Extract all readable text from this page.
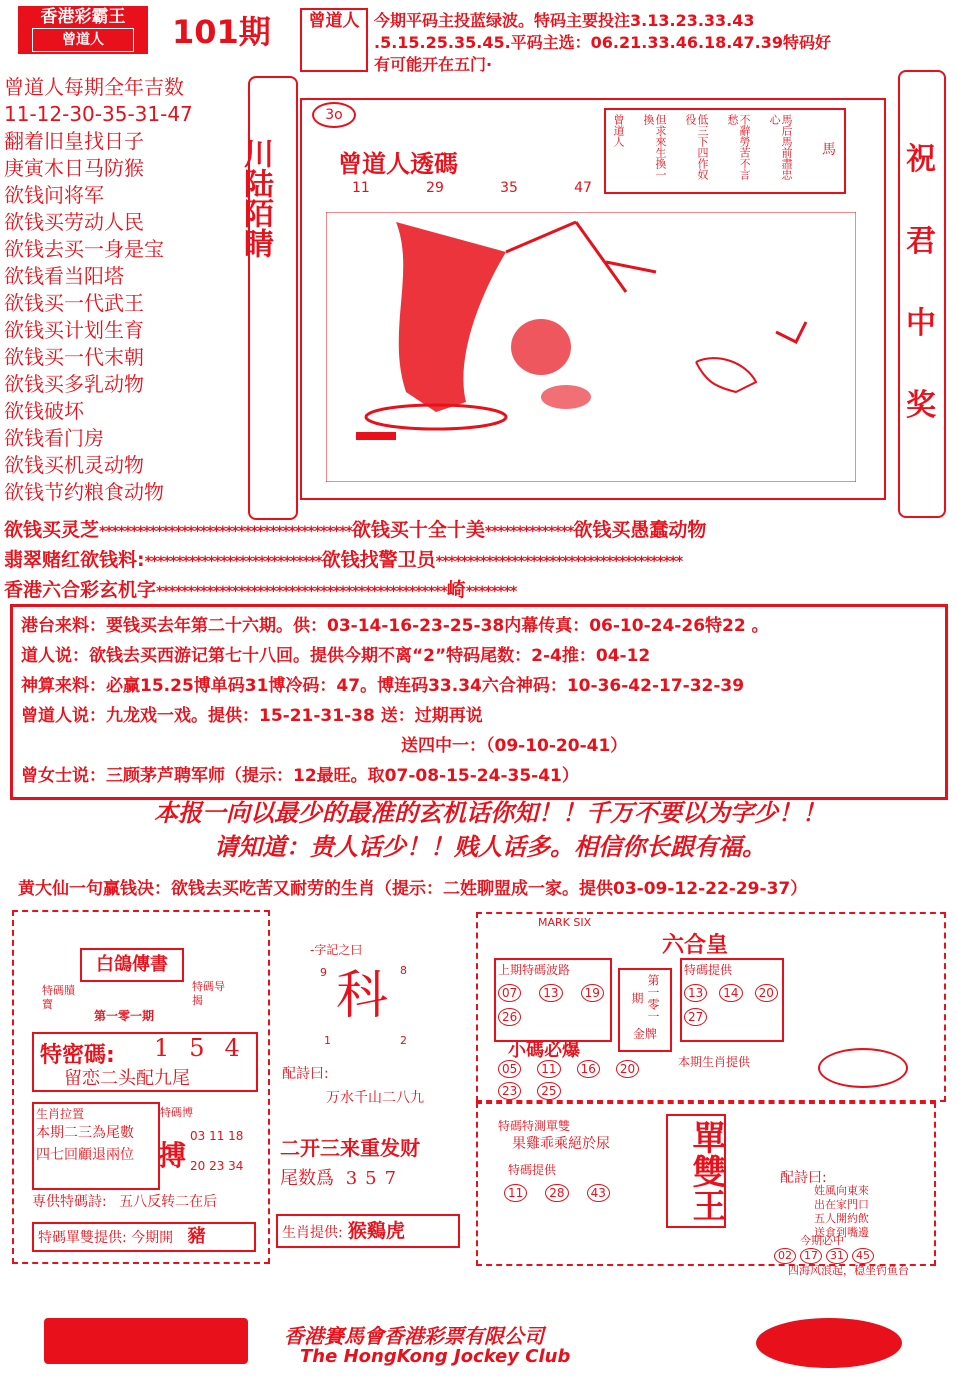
香港彩霸王
曾道人	101期	曾道人 今期平码主投蓝绿波。特码主要投注3.13.23.33.43
.5.15.25.35.45.平码主选：06.21.33.46.18.47.39特码好
有可能开在五门·
曾道人每期全年吉数
11-12-30-35-31-47
翻着旧皇找日子
庚寅木日马防猴
欲钱问将军
欲钱买劳动人民
欲钱去买一身是宝
欲钱看当阳塔
欲钱买一代武王
欲钱买计划生育
欲钱买一代末朝
欲钱买多乳动物
欲钱破坏
欲钱看门房
欲钱买机灵动物
欲钱节约粮食动物
川陆陌睛	祝
君
中
奖
3o
曾道人透碼
11	29	35	47
馬后馬前盡忠心
不辭勞苦不言愁
低三下四作奴役
但求來生換一換
曾道人
馬
欲钱买灵芝****************************************欲钱买十全十美**************欲钱买愚蠢动物
翡翠赌红欲钱料:****************************欲钱找警卫员***************************************
香港六合彩玄机字**********************************************崎********
港台来料：要钱买去年第二十六期。供：03-14-16-23-25-38内幕传真：06-10-24-26特22 。
道人说：欲钱去买西游记第七十八回。提供今期不离“2”特码尾数：2-4推：04-12
神算来料：必赢15.25博单码31博冷码：47。博连码33.34六合神码：10-36-42-17-32-39
曾道人说：九龙戏一戏。提供：15-21-31-38 送：过期再说
送四中一：（09-10-20-41）
曾女士说：三顾茅芦聘军师（提示：12最旺。取07-08-15-24-35-41）
本报一向以最少的最准的玄机话你知！！千万不要以为字少！！
请知道：贵人话少！！贱人话多。相信你长跟有福。
黄大仙一句赢钱决：欲钱去买吃苦又耐劳的生肖（提示：二姓聊盟成一家。提供03-09-12-22-29-37）
白鴿傳書
特碼贖寶
特碼导揭
第一零一期
特密碼: 154
留恋二头配九尾
生肖拉置
本期二三為尾數
四七回顧退兩位
特碼博
搏
03 11 18
20 23 34
専供特碼詩: 五八反转二在后
特碼單雙提供: 今期開 豬
-字記之曰
9	8
科
1	2
配詩曰:
万水千山二八九
二开三来重发财
尾数爲 357
生肖提供: 猴鷄虎
六合皇
上期特碼波路
07	13	19
26	第一零一期
金牌
特碼提供
13	14	20
27
小碼必爆
05	11	16	20
23	25
本期生肖提供
MARK SIX
特碼特測單雙
果雞乖乘絕於尿
特碼提供
11	28	43	單雙王	配詩曰:
姓風向東來
出在家門口
五人開約飲
送食到嘴邊
今期必中
02	17	31	45
四海风浪起，稳坐钓鱼台
香港賽馬會香港彩票有限公司
The HongKong Jockey Club
